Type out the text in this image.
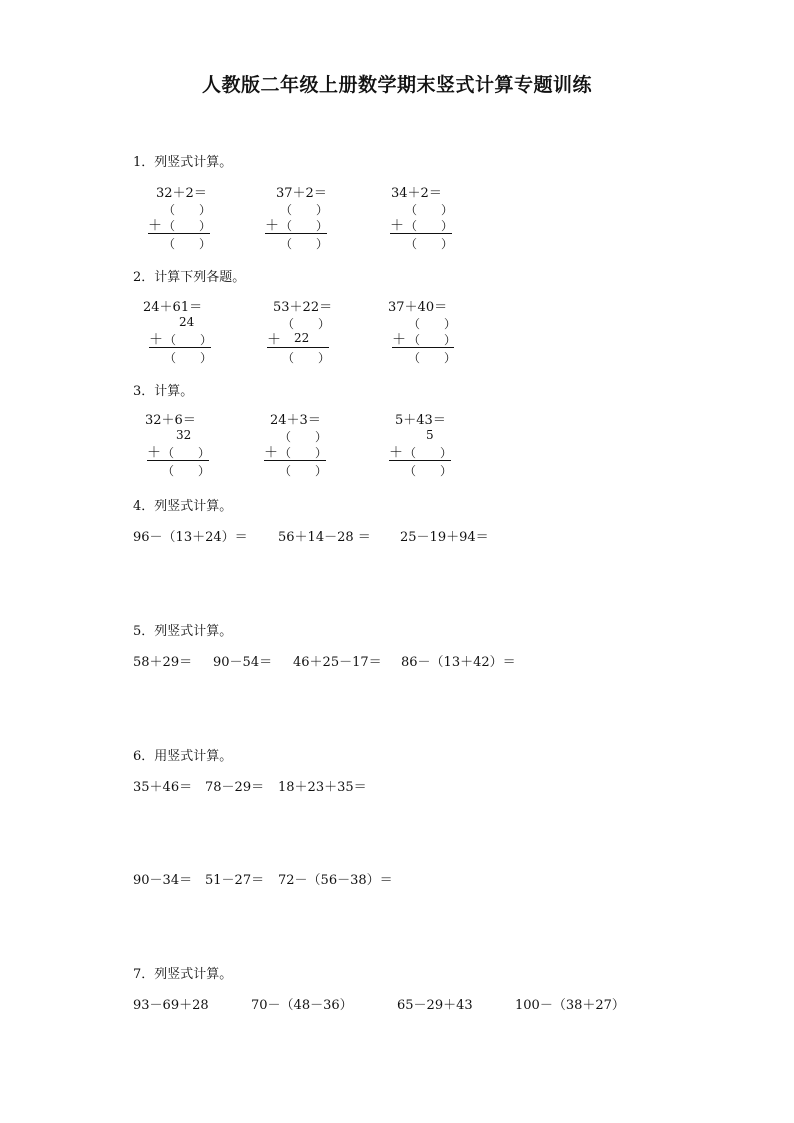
人教版二年级上册数学期末竖式计算专题训练
1．列竖式计算。
32＋2＝
（　　）
＋ （　　）
（　　）
37＋2＝
（　　）
＋ （　　）
（　　）
34＋2＝
（　　）
＋ （　　）
（　　）
2．计算下列各题。
24＋61＝
24
＋ （　　）
（　　）
53＋22＝
（　　）
＋ 22
（　　）
37＋40＝
（　　）
＋ （　　）
（　　）
3．计算。
32＋6＝
32
＋ （　　）
（　　）
24＋3＝
（　　）
＋ （　　）
（　　）
5＋43＝
5
＋ （　　）
（　　）
4．列竖式计算。
96－（13＋24）＝ 56＋14－28 ＝ 25－19＋94＝
5．列竖式计算。
58＋29＝ 90－54＝ 46＋25－17＝ 86－（13＋42）＝
6．用竖式计算。
35＋46＝ 78－29＝ 18＋23＋35＝
90－34＝ 51－27＝ 72－（56－38）＝
7．列竖式计算。
93－69＋28	70－（48－36）	65－29＋43	100－（38＋27）
